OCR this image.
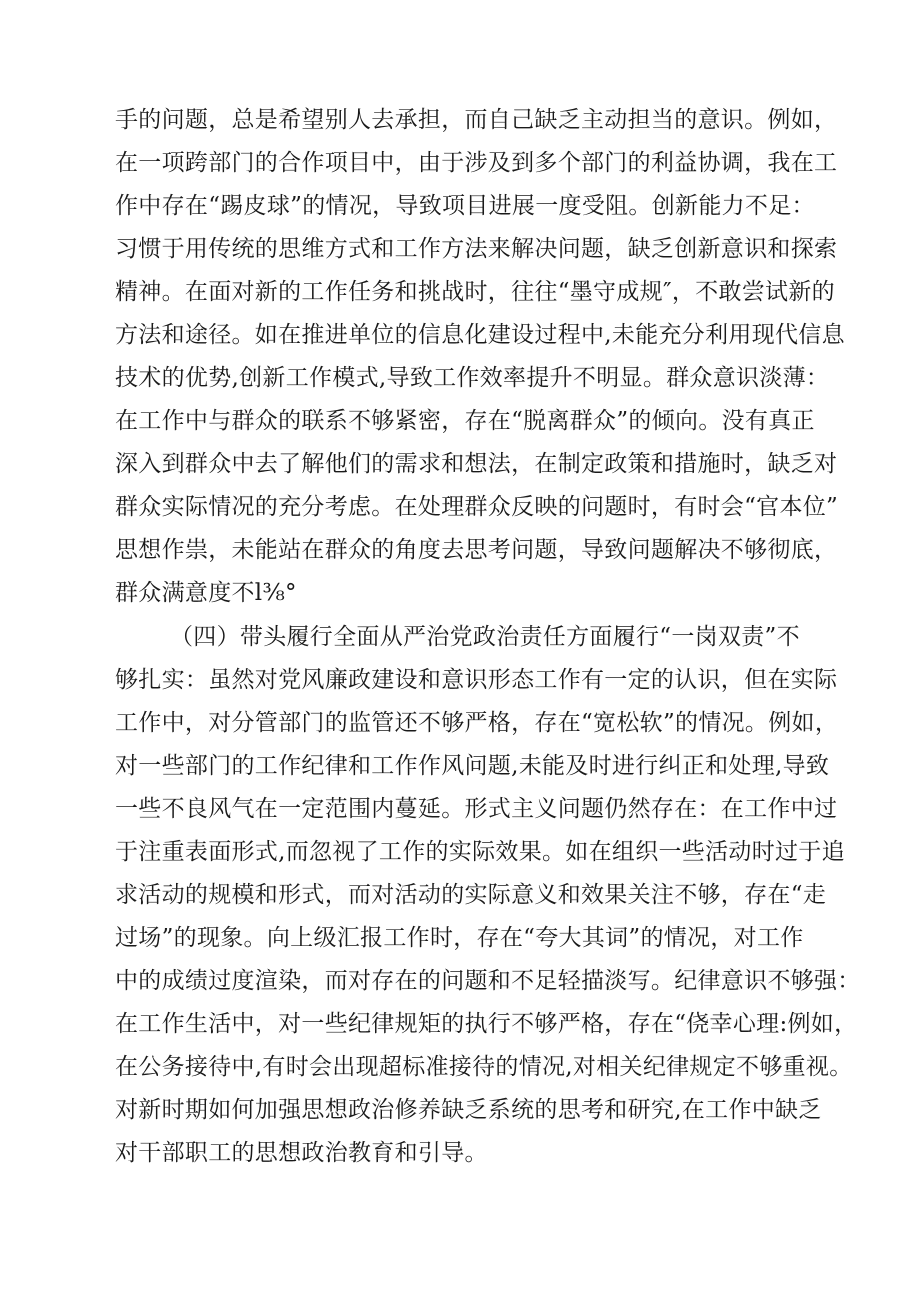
手的问题，总是希望别人去承担，而自己缺乏主动担当的意识。例如，
在一项跨部门的合作项目中，由于涉及到多个部门的利益协调，我在工
作中存在“踢皮球”的情况，导致项目进展一度受阻。创新能力不足：
习惯于用传统的思维方式和工作方法来解决问题，缺乏创新意识和探索
精神。在面对新的工作任务和挑战时，往往“墨守成规″，不敢尝试新的
方法和途径。如在推进单位的信息化建设过程中,未能充分利用现代信息
技术的优势,创新工作模式,导致工作效率提升不明显。群众意识淡薄：
在工作中与群众的联系不够紧密，存在“脱离群众”的倾向。没有真正
深入到群众中去了解他们的需求和想法，在制定政策和措施时，缺乏对
群众实际情况的充分考虑。在处理群众反映的问题时，有时会“官本位”
思想作祟，未能站在群众的角度去思考问题，导致问题解决不够彻底，
群众满意度不l⅜°
（四）带头履行全面从严治党政治责任方面履行“一岗双责”不
够扎实：虽然对党风廉政建设和意识形态工作有一定的认识，但在实际
工作中，对分管部门的监管还不够严格，存在“宽松软”的情况。例如，
对一些部门的工作纪律和工作作风问题,未能及时进行纠正和处理,导致
一些不良风气在一定范围内蔓延。形式主义问题仍然存在：在工作中过
于注重表面形式,而忽视了工作的实际效果。如在组织一些活动时过于追
求活动的规模和形式，而对活动的实际意义和效果关注不够，存在“走
过场”的现象。向上级汇报工作时，存在“夸大其词”的情况，对工作
中的成绩过度渲染，而对存在的问题和不足轻描淡写。纪律意识不够强：
在工作生活中，对一些纪律规矩的执行不够严格，存在“侥幸心理:例如，
在公务接待中,有时会出现超标准接待的情况,对相关纪律规定不够重视。
对新时期如何加强思想政治修养缺乏系统的思考和研究,在工作中缺乏
对干部职工的思想政治教育和引导。
